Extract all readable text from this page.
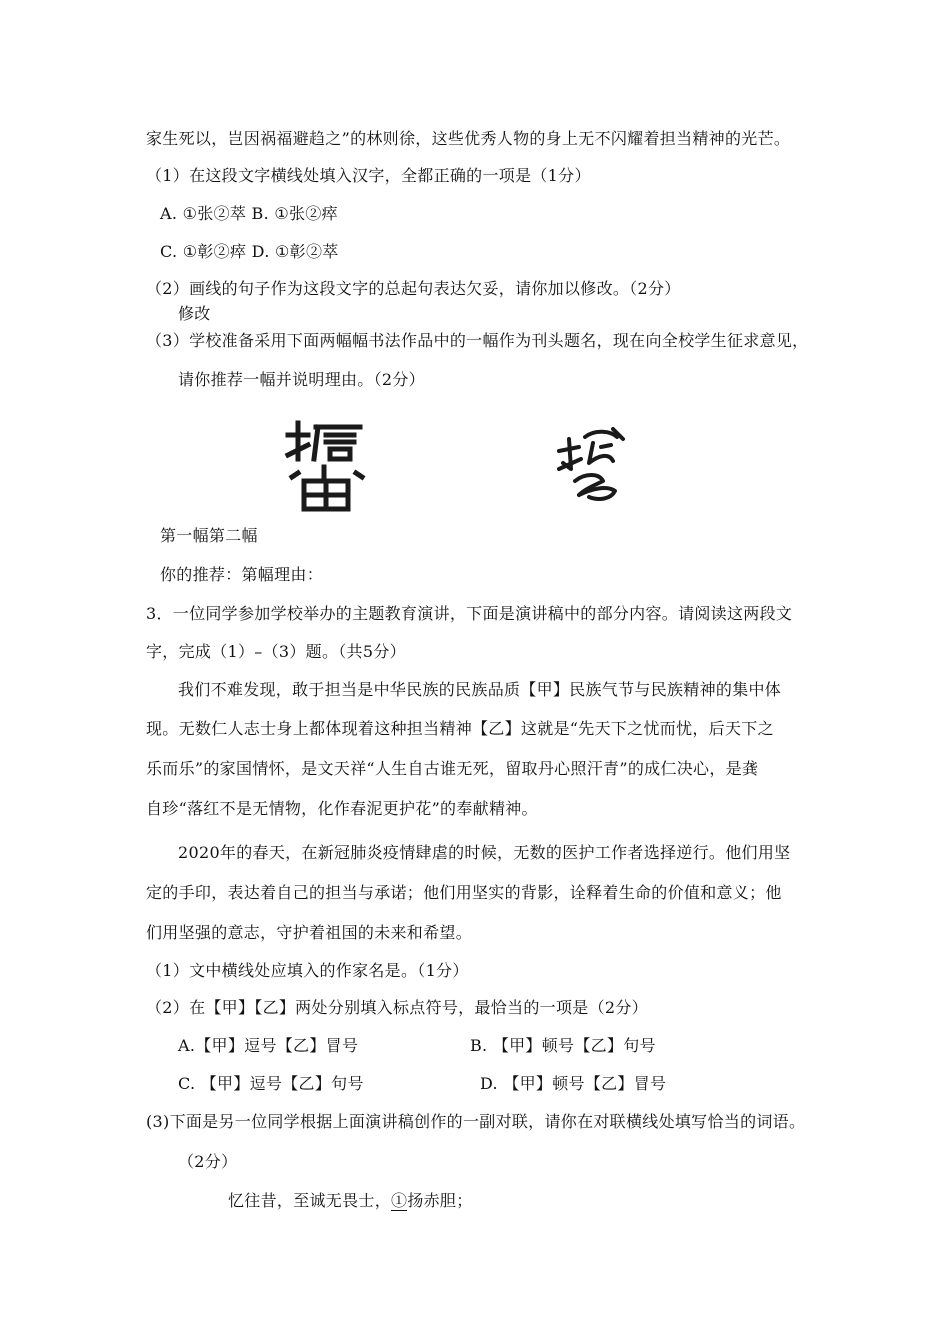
家生死以，岂因祸福避趋之”的林则徐，这些优秀人物的身上无不闪耀着担当精神的光芒。
（1）在这段文字横线处填入汉字，全都正确的一项是（1分）
A. ①张②萃 B. ①张②瘁
C. ①彰②瘁 D. ①彰②萃
（2）画线的句子作为这段文字的总起句表达欠妥，请你加以修改。（2分）
修改
（3）学校准备采用下面两幅幅书法作品中的一幅作为刊头题名，现在向全校学生征求意见，
请你推荐一幅并说明理由。（2分）
第一幅第二幅
你的推荐：第幅理由：
3．一位同学参加学校举办的主题教育演讲，下面是演讲稿中的部分内容。请阅读这两段文
字，完成（1）–（3）题。（共5分）
我们不难发现，敢于担当是中华民族的民族品质【甲】民族气节与民族精神的集中体
现。无数仁人志士身上都体现着这种担当精神【乙】这就是“先天下之忧而忧，后天下之
乐而乐”的家国情怀，是文天祥“人生自古谁无死，留取丹心照汗青”的成仁决心，是龚
自珍“落红不是无情物，化作春泥更护花”的奉献精神。
2020年的春天，在新冠肺炎疫情肆虐的时候，无数的医护工作者选择逆行。他们用坚
定的手印，表达着自己的担当与承诺；他们用坚实的背影，诠释着生命的价值和意义；他
们用坚强的意志，守护着祖国的未来和希望。
（1）文中横线处应填入的作家名是。（1分）
（2）在【甲】【乙】两处分别填入标点符号，最恰当的一项是（2分）
A.【甲】逗号【乙】冒号	B. 【甲】顿号【乙】句号
C. 【甲】逗号【乙】句号	D. 【甲】顿号【乙】冒号
(3)下面是另一位同学根据上面演讲稿创作的一副对联，请你在对联横线处填写恰当的词语。
（2分）
忆往昔，至诚无畏士，①扬赤胆；
